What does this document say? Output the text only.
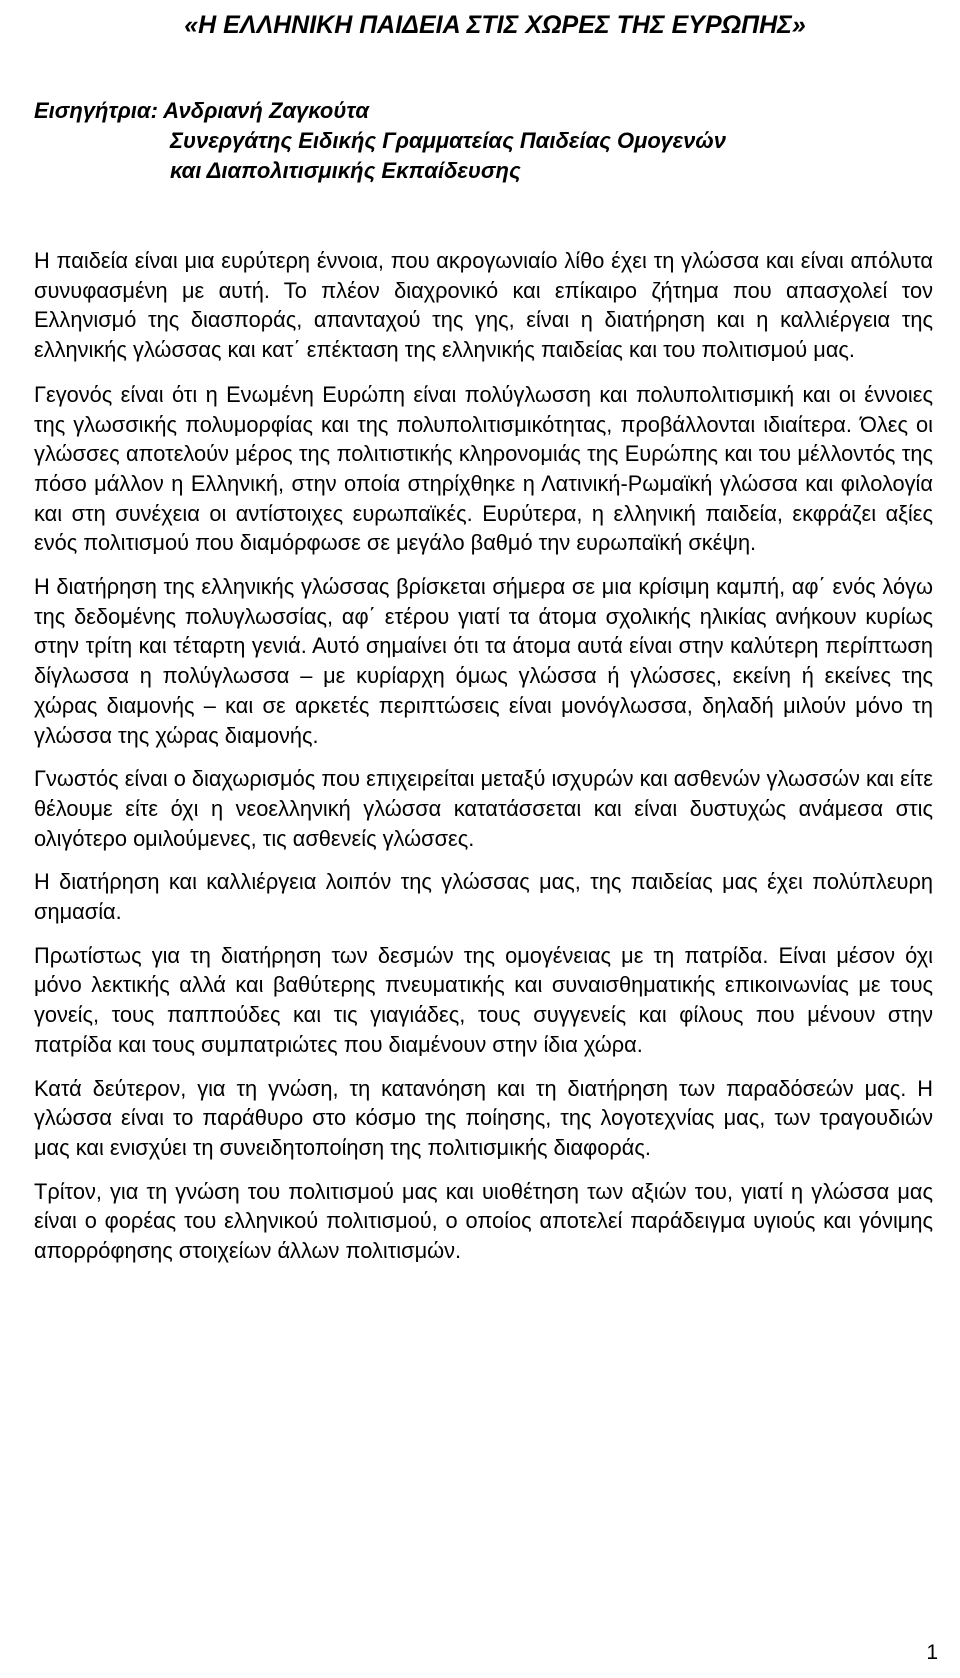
«Η ΕΛΛΗΝΙΚΗ ΠΑΙΔΕΙΑ ΣΤΙΣ ΧΩΡΕΣ ΤΗΣ ΕΥΡΩΠΗΣ»
Εισηγήτρια: Ανδριανή Ζαγκούτα
Συνεργάτης Ειδικής Γραμματείας Παιδείας Ομογενών
και Διαπολιτισμικής Εκπαίδευσης

Η παιδεία είναι μια ευρύτερη έννοια, που ακρογωνιαίο λίθο έχει τη γλώσσα και είναι απόλυτα συνυφασμένη με αυτή. Το πλέον διαχρονικό και επίκαιρο ζήτημα που απασχολεί τον Ελληνισμό της διασποράς, απανταχού της γης, είναι η διατήρηση και η καλλιέργεια της ελληνικής γλώσσας και κατ΄ επέκταση της ελληνικής παιδείας και του πολιτισμού μας.

Γεγονός είναι ότι η Ενωμένη Ευρώπη είναι πολύγλωσση και πολυπολιτισμική και οι έννοιες της γλωσσικής πολυμορφίας και της πολυπολιτισμικότητας, προβάλλονται ιδιαίτερα. Όλες οι γλώσσες αποτελούν μέρος της πολιτιστικής κληρονομιάς της Ευρώπης και του μέλλοντός της πόσο μάλλον η Ελληνική, στην οποία στηρίχθηκε η Λατινική-Ρωμαϊκή γλώσσα και φιλολογία και στη συνέχεια οι αντίστοιχες ευρωπαϊκές. Ευρύτερα, η ελληνική παιδεία, εκφράζει αξίες ενός πολιτισμού που διαμόρφωσε σε μεγάλο βαθμό την ευρωπαϊκή σκέψη.

Η διατήρηση της ελληνικής γλώσσας βρίσκεται σήμερα σε μια κρίσιμη καμπή, αφ΄ ενός λόγω της δεδομένης πολυγλωσσίας, αφ΄ ετέρου γιατί τα άτομα σχολικής ηλικίας ανήκουν κυρίως στην τρίτη και τέταρτη γενιά. Αυτό σημαίνει ότι τα άτομα αυτά είναι στην καλύτερη περίπτωση δίγλωσσα η πολύγλωσσα – με κυρίαρχη όμως γλώσσα ή γλώσσες, εκείνη ή εκείνες της χώρας διαμονής – και σε αρκετές περιπτώσεις είναι μονόγλωσσα, δηλαδή μιλούν μόνο τη γλώσσα της χώρας διαμονής.

Γνωστός είναι ο διαχωρισμός που επιχειρείται μεταξύ ισχυρών και ασθενών γλωσσών και είτε θέλουμε είτε όχι η νεοελληνική γλώσσα κατατάσσεται και είναι δυστυχώς ανάμεσα στις ολιγότερο ομιλούμενες, τις ασθενείς γλώσσες.

Η διατήρηση και καλλιέργεια λοιπόν της γλώσσας μας, της παιδείας μας έχει πολύπλευρη σημασία.

Πρωτίστως για τη διατήρηση των δεσμών της ομογένειας με τη πατρίδα. Είναι μέσον όχι μόνο λεκτικής αλλά και βαθύτερης πνευματικής και συναισθηματικής επικοινωνίας με τους γονείς, τους παππούδες και τις γιαγιάδες, τους συγγενείς και φίλους που μένουν στην πατρίδα και τους συμπατριώτες που διαμένουν στην ίδια χώρα.

Κατά δεύτερον, για τη γνώση, τη κατανόηση και τη διατήρηση των παραδόσεών μας. Η γλώσσα είναι το παράθυρο στο κόσμο της ποίησης, της λογοτεχνίας μας, των τραγουδιών μας και ενισχύει τη συνειδητοποίηση της πολιτισμικής διαφοράς.

Τρίτον, για τη γνώση του πολιτισμού μας και υιοθέτηση των αξιών του, γιατί η γλώσσα μας είναι ο φορέας του ελληνικού πολιτισμού, ο οποίος αποτελεί παράδειγμα υγιούς και γόνιμης απορρόφησης στοιχείων άλλων πολιτισμών.

1
